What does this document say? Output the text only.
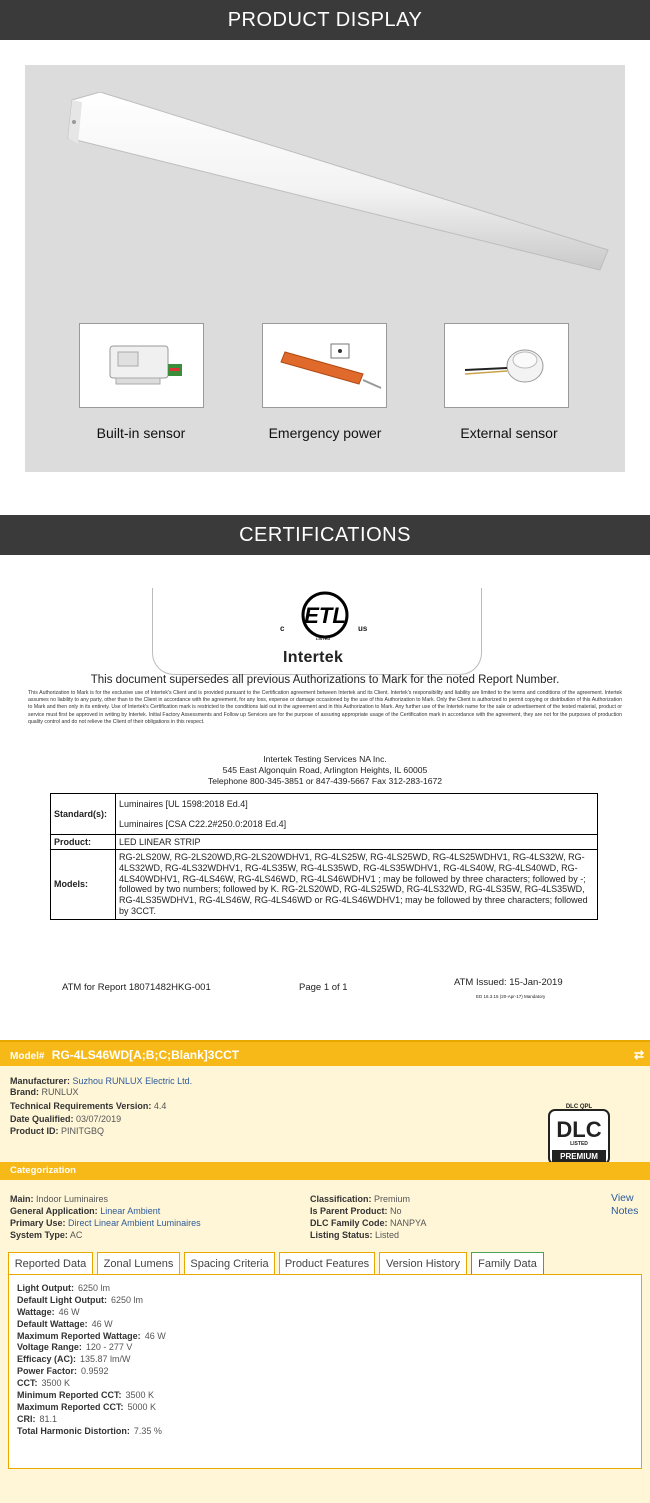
PRODUCT DISPLAY
Built-in sensor	Emergency power	External sensor
CERTIFICATIONS
ETL
c	us
LISTED
Intertek
This document supersedes all previous Authorizations to Mark for the noted Report Number.
This Authorization to Mark is for the exclusive use of Intertek's Client and is provided pursuant to the Certification agreement between Intertek and its Client. Intertek's responsibility and liability are limited to the terms and conditions of the agreement. Intertek assumes no liability to any party, other than to the Client in accordance with the agreement, for any loss, expense or damage occasioned by the use of this Authorization to Mark. Only the Client is authorized to permit copying or distribution of this Authorization to Mark and then only in its entirety. Use of Intertek's Certification mark is restricted to the conditions laid out in the agreement and in this Authorization to Mark. Any further use of the Intertek name for the sale or advertisement of the tested material, product or service must first be approved in writing by Intertek. Initial Factory Assessments and Follow up Services are for the purpose of assuring appropriate usage of the Certification mark in accordance with the agreement, they are not for the purposes of production quality control and do not relieve the Client of their obligations in this respect.
Intertek Testing Services NA Inc.
545 East Algonquin Road, Arlington Heights, IL 60005
Telephone 800-345-3851 or 847-439-5667 Fax 312-283-1672
Standard(s):	Luminaires [UL 1598:2018 Ed.4]
	Luminaires [CSA C22.2#250.0:2018 Ed.4]
Product:	LED LINEAR STRIP
Models:	RG-2LS20W, RG-2LS20WD,RG-2LS20WDHV1, RG-4LS25W, RG-4LS25WD, RG-4LS25WDHV1, RG-4LS32W, RG-4LS32WD, RG-4LS32WDHV1, RG-4LS35W, RG-4LS35WD, RG-4LS35WDHV1, RG-4LS40W, RG-4LS40WD, RG-4LS40WDHV1, RG-4LS46W, RG-4LS46WD, RG-4LS46WDHV1 ; may be followed by three characters; followed by -; followed by two numbers; followed by K. RG-2LS20WD, RG-4LS25WD, RG-4LS32WD, RG-4LS35W, RG-4LS35WD, RG-4LS35WDHV1, RG-4LS46W, RG-4LS46WD or RG-4LS46WDHV1; may be followed by three characters; followed by 3CCT.
ATM for Report 18071482HKG-001	Page 1 of 1	ATM Issued: 15-Jan-2019
ED 16.3.15 (20-Apr-17) Mandatory
Model# RG-4LS46WD[A;B;C;Blank]3CCT	⇄
Manufacturer: Suzhou RUNLUX Electric Ltd.
Brand: RUNLUX
Technical Requirements Version: 4.4
Date Qualified: 03/07/2019
Product ID: PINITGBQ
DLC QPL
DLC
LISTED
PREMIUM
Categorization
Main: Indoor Luminaires
General Application: Linear Ambient
Primary Use: Direct Linear Ambient Luminaires
System Type: AC
Classification: Premium
Is Parent Product: No
DLC Family Code: NANPYA
Listing Status: Listed
View
Notes
Reported Data	Zonal Lumens	Spacing Criteria	Product Features	Version History	Family Data
Light Output: 6250 lm
Default Light Output: 6250 lm
Wattage: 46 W
Default Wattage: 46 W
Maximum Reported Wattage: 46 W
Voltage Range: 120 - 277 V
Efficacy (AC): 135.87 lm/W
Power Factor: 0.9592
CCT: 3500 K
Minimum Reported CCT: 3500 K
Maximum Reported CCT: 5000 K
CRI: 81.1
Total Harmonic Distortion: 7.35 %
